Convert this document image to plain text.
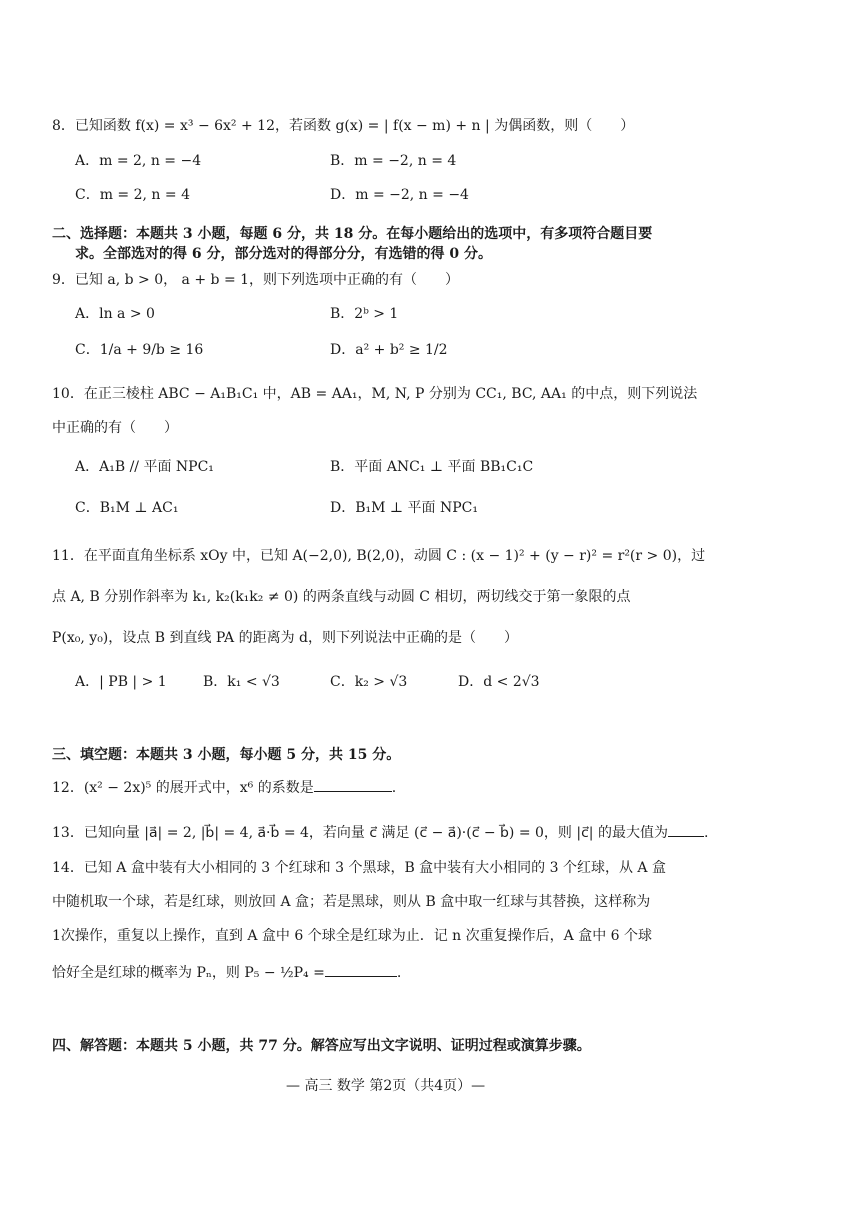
8．已知函数 f(x) = x³ − 6x² + 12，若函数 g(x) = | f(x − m) + n | 为偶函数，则（　　）
A．m = 2, n = −4	B．m = −2, n = 4
C．m = 2, n = 4	D．m = −2, n = −4
二、选择题：本题共 3 小题，每题 6 分，共 18 分。在每小题给出的选项中，有多项符合题目要
求。全部选对的得 6 分，部分选对的得部分分，有选错的得 0 分。
9．已知 a, b > 0， a + b = 1，则下列选项中正确的有（　　）
A．ln a > 0	B．2ᵇ > 1
C．1/a + 9/b ≥ 16	D．a² + b² ≥ 1/2
10．在正三棱柱 ABC − A₁B₁C₁ 中，AB = AA₁，M, N, P 分别为 CC₁, BC, AA₁ 的中点，则下列说法
中正确的有（　　）
A．A₁B // 平面 NPC₁	B．平面 ANC₁ ⊥ 平面 BB₁C₁C
C．B₁M ⊥ AC₁	D．B₁M ⊥ 平面 NPC₁
11．在平面直角坐标系 xOy 中，已知 A(−2,0), B(2,0)，动圆 C : (x − 1)² + (y − r)² = r²(r > 0)，过
点 A, B 分别作斜率为 k₁, k₂(k₁k₂ ≠ 0) 的两条直线与动圆 C 相切，两切线交于第一象限的点
P(x₀, y₀)，设点 B 到直线 PA 的距离为 d，则下列说法中正确的是（　　）
A．| PB | > 1	B．k₁ < √3	C．k₂ > √3	D．d < 2√3
三、填空题：本题共 3 小题，每小题 5 分，共 15 分。
12．(x² − 2x)⁵ 的展开式中，x⁶ 的系数是	.
13．已知向量 |a⃗| = 2, |b⃗| = 4, a⃗·b⃗ = 4，若向量 c⃗ 满足 (c⃗ − a⃗)·(c⃗ − b⃗) = 0，则 |c⃗| 的最大值为	.
14．已知 A 盒中装有大小相同的 3 个红球和 3 个黑球，B 盒中装有大小相同的 3 个红球，从 A 盒
中随机取一个球，若是红球，则放回 A 盒；若是黑球，则从 B 盒中取一红球与其替换，这样称为
1次操作，重复以上操作，直到 A 盒中 6 个球全是红球为止．记 n 次重复操作后，A 盒中 6 个球
恰好全是红球的概率为 Pₙ，则 P₅ − ½P₄ =	.
四、解答题：本题共 5 小题，共 77 分。解答应写出文字说明、证明过程或演算步骤。
— 高三 数学 第2页（共4页）—
